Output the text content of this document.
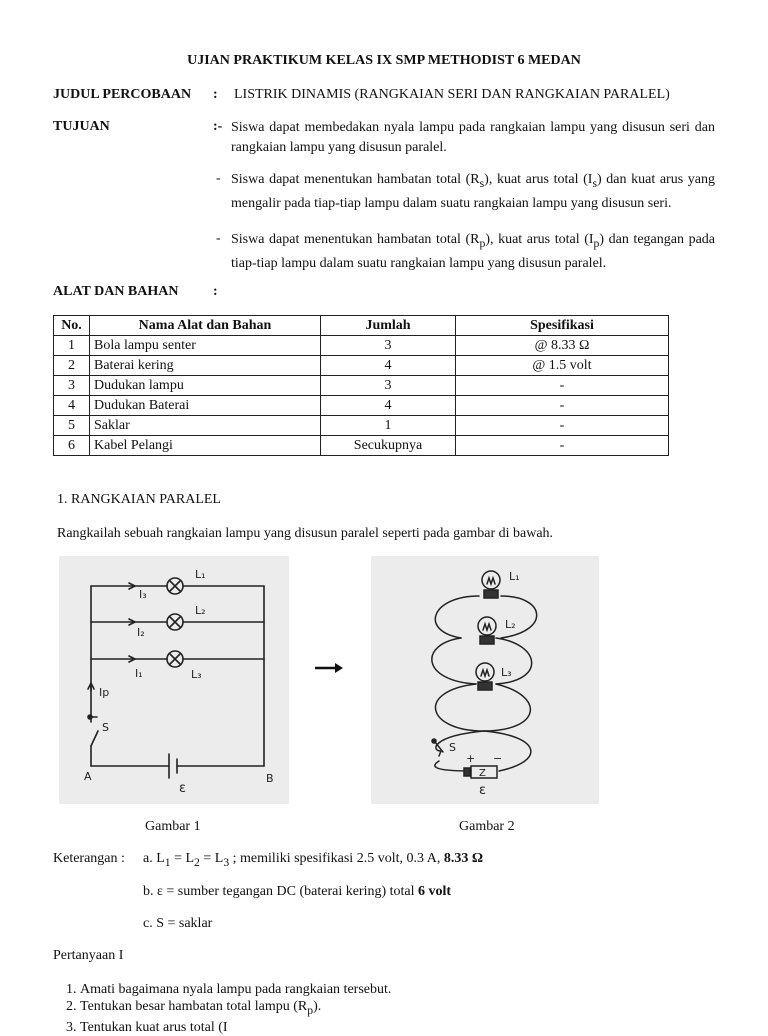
UJIAN PRAKTIKUM KELAS IX SMP METHODIST 6 MEDAN
JUDUL PERCOBAAN : LISTRIK DINAMIS (RANGKAIAN SERI DAN RANGKAIAN PARALEL)
TUJUAN	:- Siswa dapat membedakan nyala lampu pada rangkaian lampu yang disusun seri dan rangkaian lampu yang disusun paralel.
- Siswa dapat menentukan hambatan total $(R_s)$, kuat arus total $(I_s)$ dan kuat arus yang mengalir pada tiap-tiap lampu dalam suatu rangkaian lampu yang disusun seri.
- Siswa dapat menentukan hambatan total $(R_p)$, kuat arus total $(I_p)$ dan tegangan pada tiap-tiap lampu dalam suatu rangkaian lampu yang disusun paralel.
ALAT DAN BAHAN :
No.	Nama Alat dan Bahan	Jumlah	Spesifikasi
1	Bola lampu senter	3	@ 8.33 Ω
2	Baterai kering	4	@ 1.5 volt
3	Dudukan lampu	3	-
4	Dudukan Baterai	4	-
5	Saklar	1	-
6	Kabel Pelangi	Secukupnya	-
1. RANGKAIAN PARALEL
Rangkailah sebuah rangkaian lampu yang disusun paralel seperti pada gambar di bawah.
L₁
L₂
L₃
I₃
I₂
I₁
Ip
S
A	B
ε
L₁
L₂
L₃
S
+ −
Z
ε
Gambar 1	Gambar 2
Keterangan : a. $L_1 = L_2 = L_3$ ; memiliki spesifikasi 2.5 volt, 0.3 A, 8.33 Ω
b. ε = sumber tegangan DC (baterai kering) total 6 volt
c. S = saklar
Pertanyaan I
1. Amati bagaimana nyala lampu pada rangkaian tersebut.
2. Tentukan besar hambatan total lampu $(R_p)$.
3. Tentukan kuat arus total (I
